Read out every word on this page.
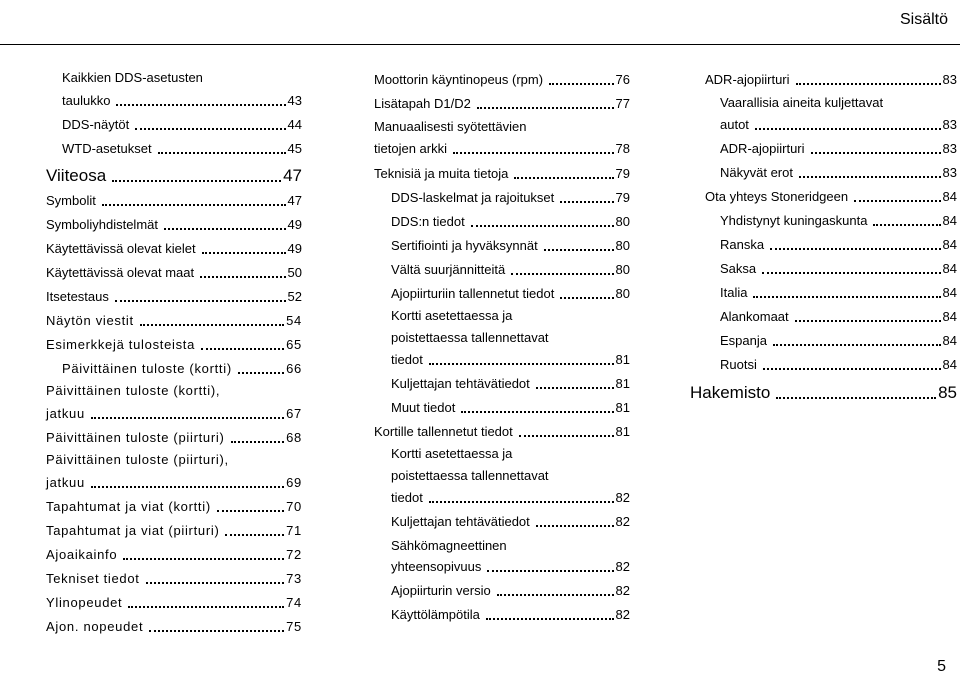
Sisältö
Kaikkien DDS-asetusten
taulukko	43
DDS-näytöt	44
WTD-asetukset	45
Viiteosa	47
Symbolit	47
Symboliyhdistelmät	49
Käytettävissä olevat kielet	49
Käytettävissä olevat maat	50
Itsetestaus	52
Näytön viestit	54
Esimerkkejä tulosteista	65
Päivittäinen tuloste (kortti)	66
Päivittäinen tuloste (kortti),
jatkuu	67
Päivittäinen tuloste (piirturi)	68
Päivittäinen tuloste (piirturi),
jatkuu	69
Tapahtumat ja viat (kortti)	70
Tapahtumat ja viat (piirturi)	71
Ajoaikainfo	72
Tekniset tiedot	73
Ylinopeudet	74
Ajon. nopeudet	75
Moottorin käyntinopeus (rpm)	76
Lisätapah D1/D2	77
Manuaalisesti syötettävien
tietojen arkki	78
Teknisiä ja muita tietoja	79
DDS-laskelmat ja rajoitukset	79
DDS:n tiedot	80
Sertifiointi ja hyväksynnät	80
Vältä suurjännitteitä	80
Ajopiirturiin tallennetut tiedot	80
Kortti asetettaessa ja
poistettaessa tallennettavat
tiedot	81
Kuljettajan tehtävätiedot	81
Muut tiedot	81
Kortille tallennetut tiedot	81
Kortti asetettaessa ja
poistettaessa tallennettavat
tiedot	82
Kuljettajan tehtävätiedot	82
Sähkömagneettinen
yhteensopivuus	82
Ajopiirturin versio	82
Käyttölämpötila	82
ADR-ajopiirturi	83
Vaarallisia aineita kuljettavat
autot	83
ADR-ajopiirturi	83
Näkyvät erot	83
Ota yhteys Stoneridgeen	84
Yhdistynyt kuningaskunta	84
Ranska	84
Saksa	84
Italia	84
Alankomaat	84
Espanja	84
Ruotsi	84
Hakemisto	85
5
